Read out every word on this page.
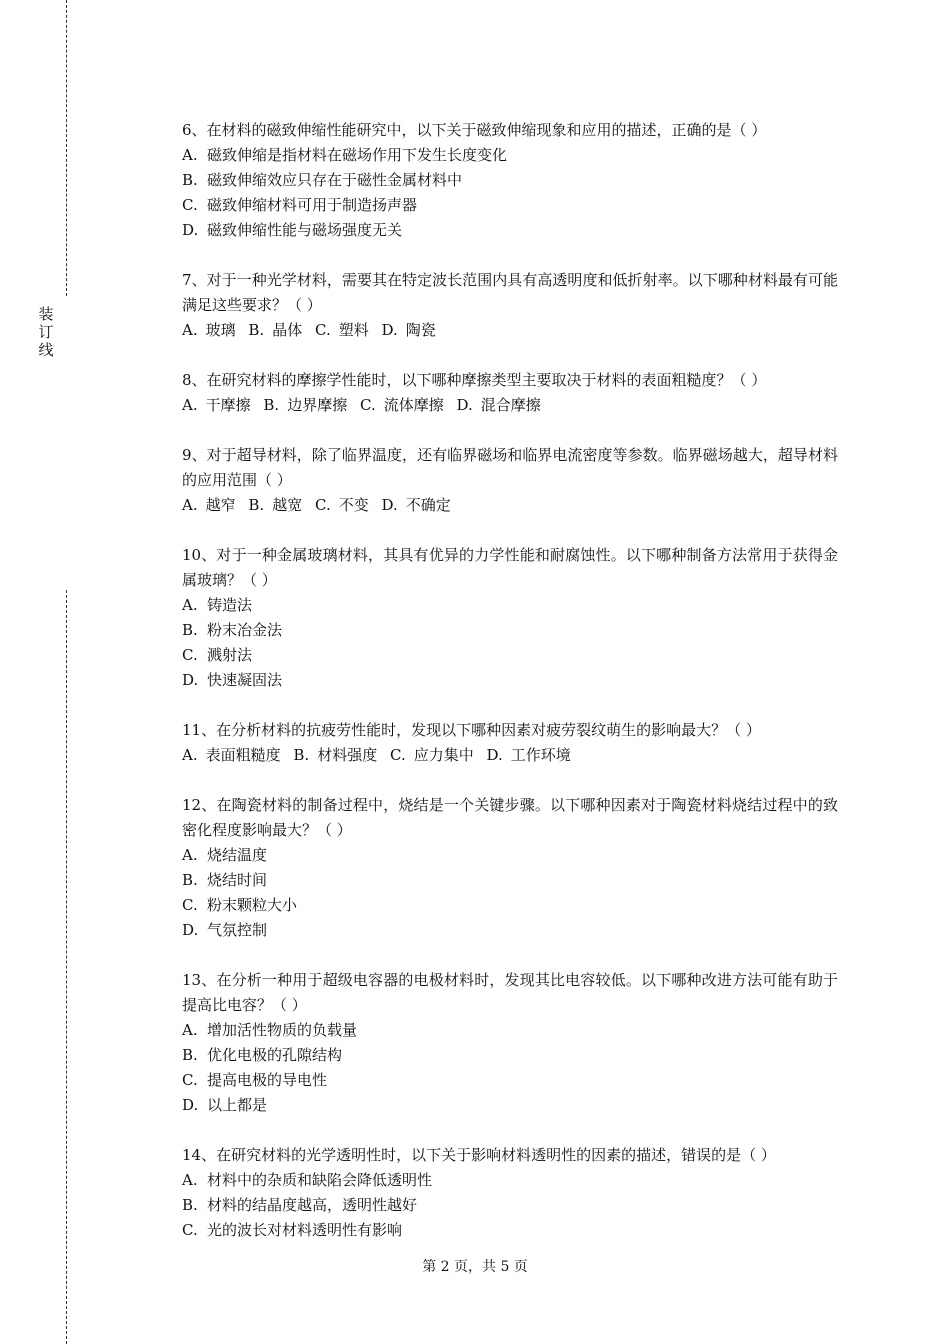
装
订
线
6、在材料的磁致伸缩性能研究中，以下关于磁致伸缩现象和应用的描述，正确的是（ ）
A. 磁致伸缩是指材料在磁场作用下发生长度变化
B. 磁致伸缩效应只存在于磁性金属材料中
C. 磁致伸缩材料可用于制造扬声器
D. 磁致伸缩性能与磁场强度无关
7、对于一种光学材料，需要其在特定波长范围内具有高透明度和低折射率。以下哪种材料最有可能满足这些要求？（ ）
A. 玻璃 B. 晶体 C. 塑料 D. 陶瓷
8、在研究材料的摩擦学性能时，以下哪种摩擦类型主要取决于材料的表面粗糙度？（ ）
A. 干摩擦 B. 边界摩擦 C. 流体摩擦 D. 混合摩擦
9、对于超导材料，除了临界温度，还有临界磁场和临界电流密度等参数。临界磁场越大，超导材料的应用范围（ ）
A. 越窄 B. 越宽 C. 不变 D. 不确定
10、对于一种金属玻璃材料，其具有优异的力学性能和耐腐蚀性。以下哪种制备方法常用于获得金属玻璃？（ ）
A. 铸造法
B. 粉末冶金法
C. 溅射法
D. 快速凝固法
11、在分析材料的抗疲劳性能时，发现以下哪种因素对疲劳裂纹萌生的影响最大？（ ）
A. 表面粗糙度 B. 材料强度 C. 应力集中 D. 工作环境
12、在陶瓷材料的制备过程中，烧结是一个关键步骤。以下哪种因素对于陶瓷材料烧结过程中的致密化程度影响最大？（ ）
A. 烧结温度
B. 烧结时间
C. 粉末颗粒大小
D. 气氛控制
13、在分析一种用于超级电容器的电极材料时，发现其比电容较低。以下哪种改进方法可能有助于提高比电容？（ ）
A. 增加活性物质的负载量
B. 优化电极的孔隙结构
C. 提高电极的导电性
D. 以上都是
14、在研究材料的光学透明性时，以下关于影响材料透明性的因素的描述，错误的是（ ）
A. 材料中的杂质和缺陷会降低透明性
B. 材料的结晶度越高，透明性越好
C. 光的波长对材料透明性有影响
第 2 页，共 5 页
